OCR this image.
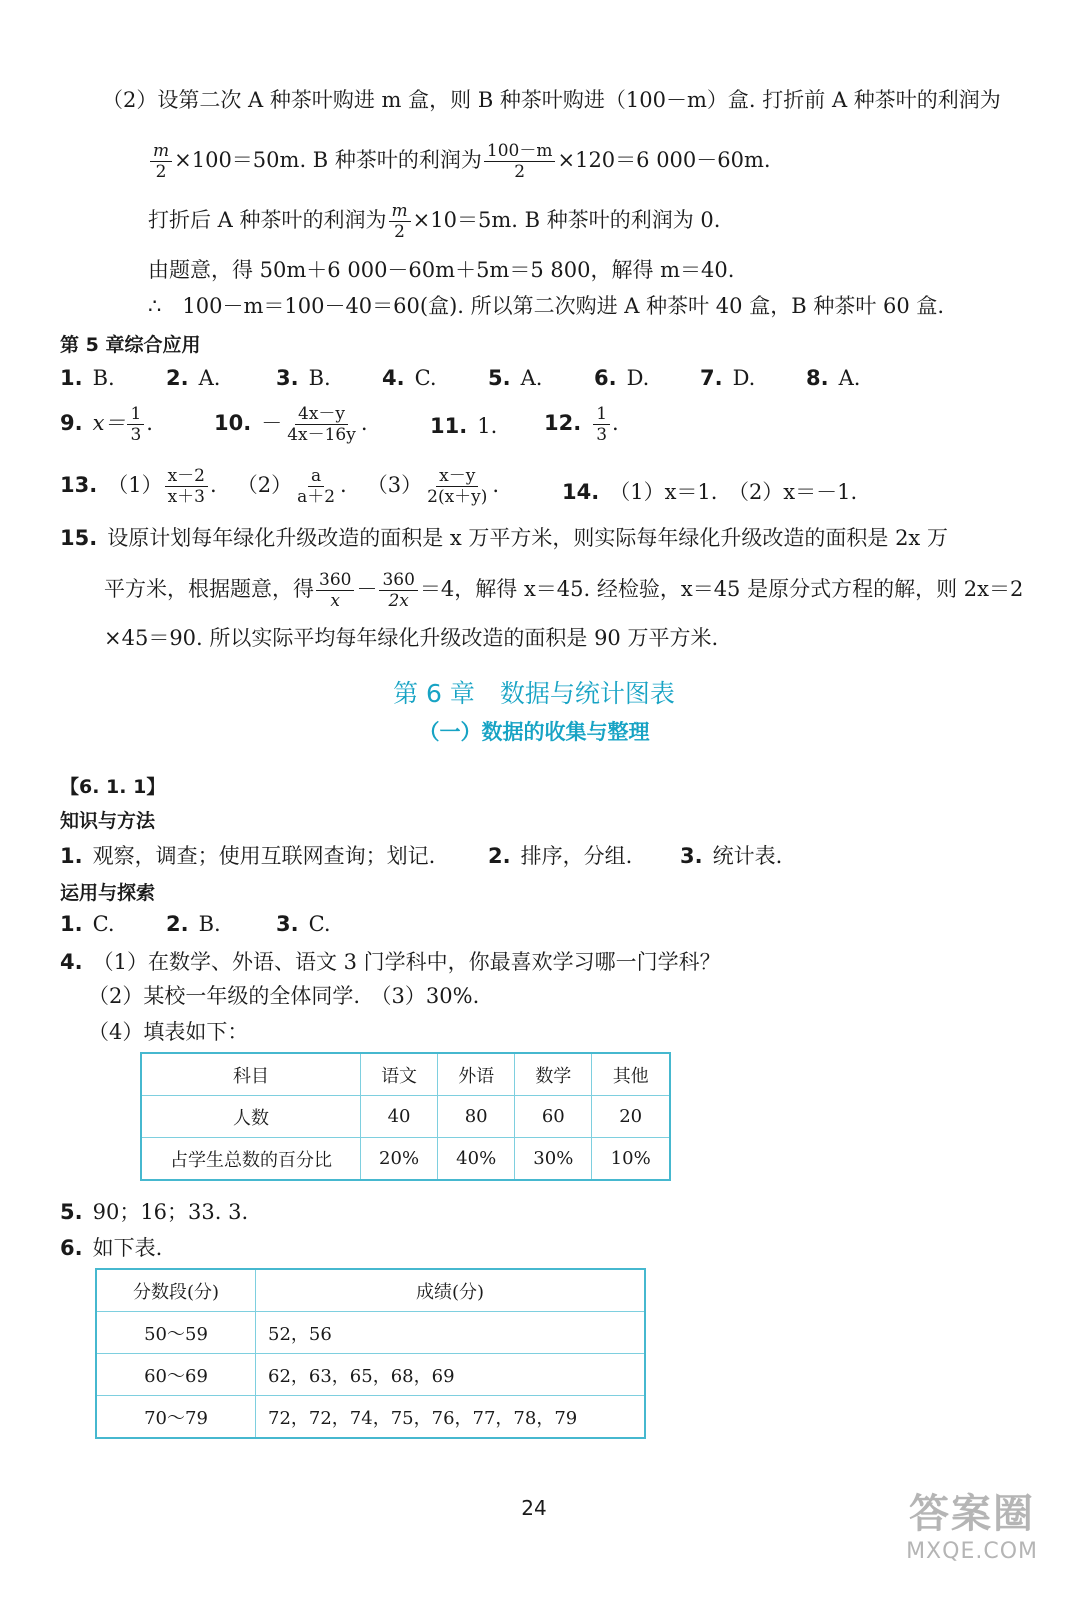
（2）设第二次 A 种茶叶购进 m 盒，则 B 种茶叶购进（100－m）盒. 打折前 A 种茶叶的利润为
$\frac{m}{2} \times 100=50m$. B 种茶叶的利润为 $\frac{100-m}{2} \times 120=6$ 000－60m.
打折后 A 种茶叶的利润为 $\frac{m}{2} \times 10=5m$. B 种茶叶的利润为 0.
由题意，得 50m＋6 000－60m＋5m＝5 800，解得 m＝40.
∴　100－m＝100－40＝60(盒). 所以第二次购进 A 种茶叶 40 盒，B 种茶叶 60 盒.
第 5 章综合应用
1. B. 2. A.	3. B. 4. C. 5. A. 6. D. 7. D. 8. A.
9. $x= \frac{1}{3}$ .	10. － $\frac{4x-y}{4x-16y}$ .	11. 1. 12. $\frac{1}{3}$ .
13. $(1) \frac{x-2}{x+3}$ . $(2) \frac{a}{a+2}$ . $(3) \frac{x-y}{2(x+y)}$ .	14. （1）x＝1.　（2）x＝－1.
15. 设原计划每年绿化升级改造的面积是 x 万平方米，则实际每年绿化升级改造的面积是 2x 万
平方米，根据题意，得 $\frac{360}{x} - \frac{360}{2x} =4$，解得 x＝45. 经检验，x＝45 是原分式方程的解，则 2x＝2
×45＝90. 所以实际平均每年绿化升级改造的面积是 90 万平方米.
第 6 章　数据与统计图表
（一）数据的收集与整理
【6. 1. 1】
知识与方法
1. 观察，调查；使用互联网查询；划记.	2. 排序，分组. 3. 统计表.
运用与探索
1. C. 2. B.	3. C.
4. （1）在数学、外语、语文 3 门学科中，你最喜欢学习哪一门学科？
（2）某校一年级的全体同学.　（3）30%.
（4）填表如下：
科目	语文	外语	数学	其他
人数	40	80	60	20
占学生总数的百分比	20%	40%	30%	10%
5. 90；16；33. 3.
6. 如下表.
分数段(分)	成绩(分)
50～59	52，56
60～69	62，63，65，68，69
70～79	72，72，74，75，76，77，78，79
24	答案圈
MXQE.COM
